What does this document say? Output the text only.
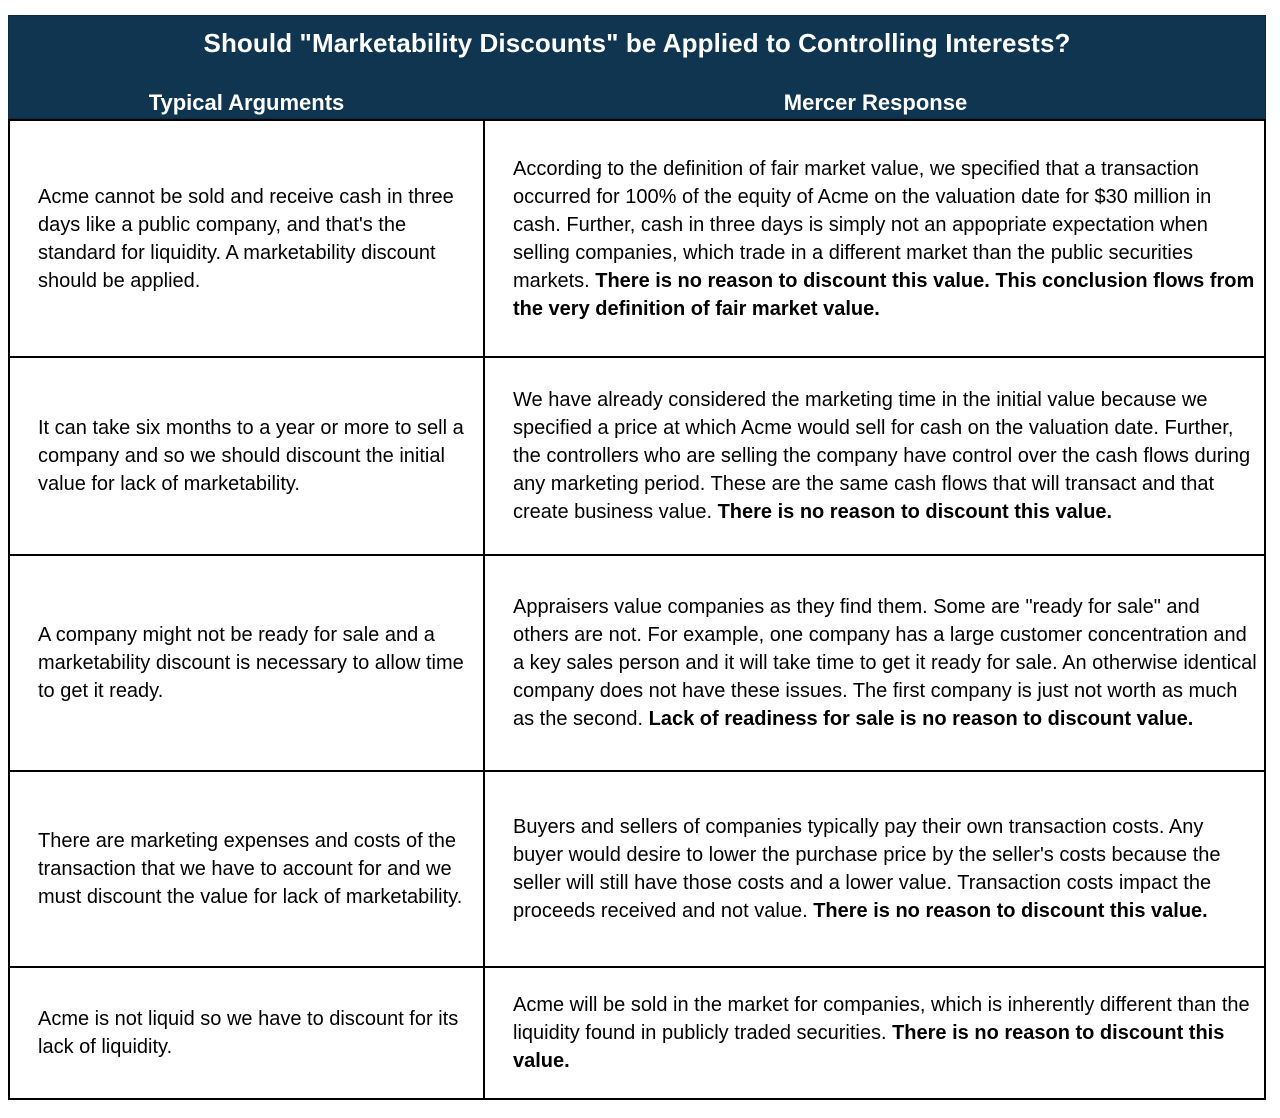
Should "Marketability Discounts" be Applied to Controlling Interests?
Typical Arguments	Mercer Response
Acme cannot be sold and receive cash in three days like a public company, and that's the standard for liquidity. A marketability discount should be applied.	According to the definition of fair market value, we specified that a transaction occurred for 100% of the equity of Acme on the valuation date for $30 million in cash. Further, cash in three days is simply not an appopriate expectation when selling companies, which trade in a different market than the public securities markets. There is no reason to discount this value. This conclusion flows from the very definition of fair market value.
It can take six months to a year or more to sell a company and so we should discount the initial value for lack of marketability.	We have already considered the marketing time in the initial value because we specified a price at which Acme would sell for cash on the valuation date. Further, the controllers who are selling the company have control over the cash flows during any marketing period. These are the same cash flows that will transact and that create business value. There is no reason to discount this value.
A company might not be ready for sale and a marketability discount is necessary to allow time to get it ready.	Appraisers value companies as they find them. Some are "ready for sale" and others are not. For example, one company has a large customer concentration and a key sales person and it will take time to get it ready for sale. An otherwise identical company does not have these issues. The first company is just not worth as much as the second. Lack of readiness for sale is no reason to discount value.
There are marketing expenses and costs of the transaction that we have to account for and we must discount the value for lack of marketability.	Buyers and sellers of companies typically pay their own transaction costs. Any buyer would desire to lower the purchase price by the seller's costs because the seller will still have those costs and a lower value. Transaction costs impact the proceeds received and not value. There is no reason to discount this value.
Acme is not liquid so we have to discount for its lack of liquidity.	Acme will be sold in the market for companies, which is inherently different than the liquidity found in publicly traded securities. There is no reason to discount this value.
